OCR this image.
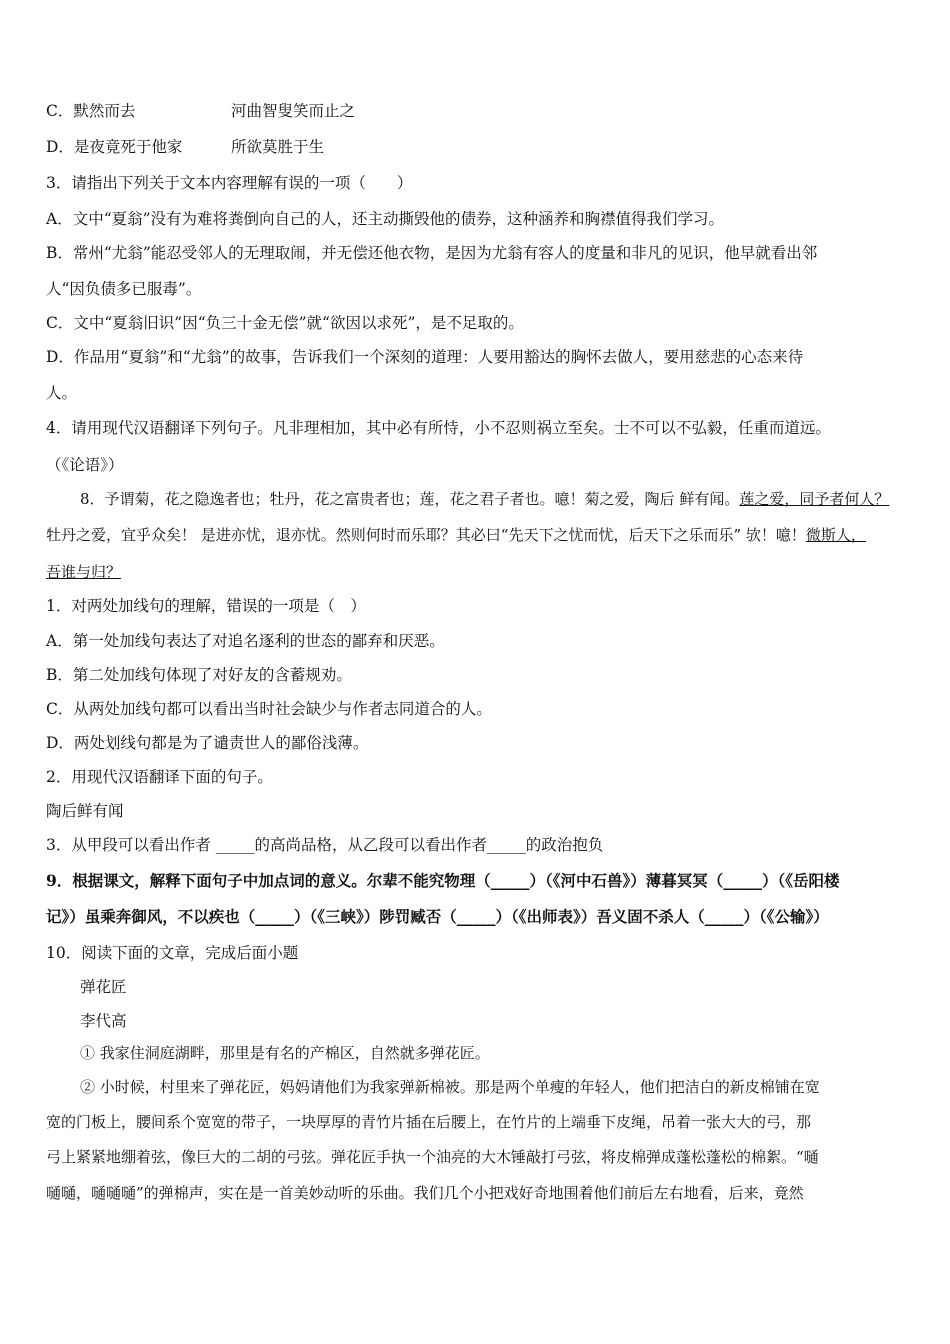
C．默然而去	河曲智叟笑而止之
D．是夜竟死于他家	所欲莫胜于生
3．请指出下列关于文本内容理解有误的一项（　　）
A．文中“夏翁”没有为难将粪倒向自己的人，还主动撕毁他的债券，这种涵养和胸襟值得我们学习。
B．常州“尤翁”能忍受邻人的无理取闹，并无偿还他衣物，是因为尤翁有容人的度量和非凡的见识，他早就看出邻
人“因负债多已服毒”。
C．文中“夏翁旧识”因“负三十金无偿”就“欲因以求死”，是不足取的。
D．作品用“夏翁”和“尤翁”的故事，告诉我们一个深刻的道理：人要用豁达的胸怀去做人，要用慈悲的心态来待
人。
4．请用现代汉语翻译下列句子。凡非理相加，其中必有所恃，小不忍则祸立至矣。士不可以不弘毅，任重而道远。
（《论语》）
8．予谓菊，花之隐逸者也；牡丹，花之富贵者也；莲，花之君子者也。噫！菊之爱，陶后 鲜有闻。莲之爱，同予者何人？
牡丹之爱，宜乎众矣！ 是进亦忧，退亦忧。然则何时而乐耶？其必曰“先天下之忧而忧，后天下之乐而乐” 欤！噫！微斯人，
吾谁与归？
1．对两处加线句的理解，错误的一项是（　）
A．第一处加线句表达了对追名逐利的世态的鄙弃和厌恶。
B．第二处加线句体现了对好友的含蓄规劝。
C．从两处加线句都可以看出当时社会缺少与作者志同道合的人。
D．两处划线句都是为了谴责世人的鄙俗浅薄。
2．用现代汉语翻译下面的句子。
陶后鲜有闻
3．从甲段可以看出作者 _____的高尚品格，从乙段可以看出作者_____的政治抱负
9．根据课文，解释下面句子中加点词的意义。尔辈不能究物理（_____）（《河中石兽》）薄暮冥冥（_____）（《岳阳楼
记》）虽乘奔御风，不以疾也（_____）（《三峡》）陟罚臧否（_____）（《出师表》）吾义固不杀人（_____）（《公输》）
10．阅读下面的文章，完成后面小题
弹花匠
李代高
① 我家住洞庭湖畔，那里是有名的产棉区，自然就多弹花匠。
② 小时候，村里来了弹花匠，妈妈请他们为我家弹新棉被。那是两个单瘦的年轻人，他们把洁白的新皮棉铺在宽
宽的门板上，腰间系个宽宽的带子，一块厚厚的青竹片插在后腰上，在竹片的上端垂下皮绳，吊着一张大大的弓，那
弓上紧紧地绷着弦，像巨大的二胡的弓弦。弹花匠手执一个油亮的大木锤敲打弓弦，将皮棉弹成蓬松蓬松的棉絮。“嗵
嗵嗵，嗵嗵嗵”的弹棉声，实在是一首美妙动听的乐曲。我们几个小把戏好奇地围着他们前后左右地看，后来，竟然
